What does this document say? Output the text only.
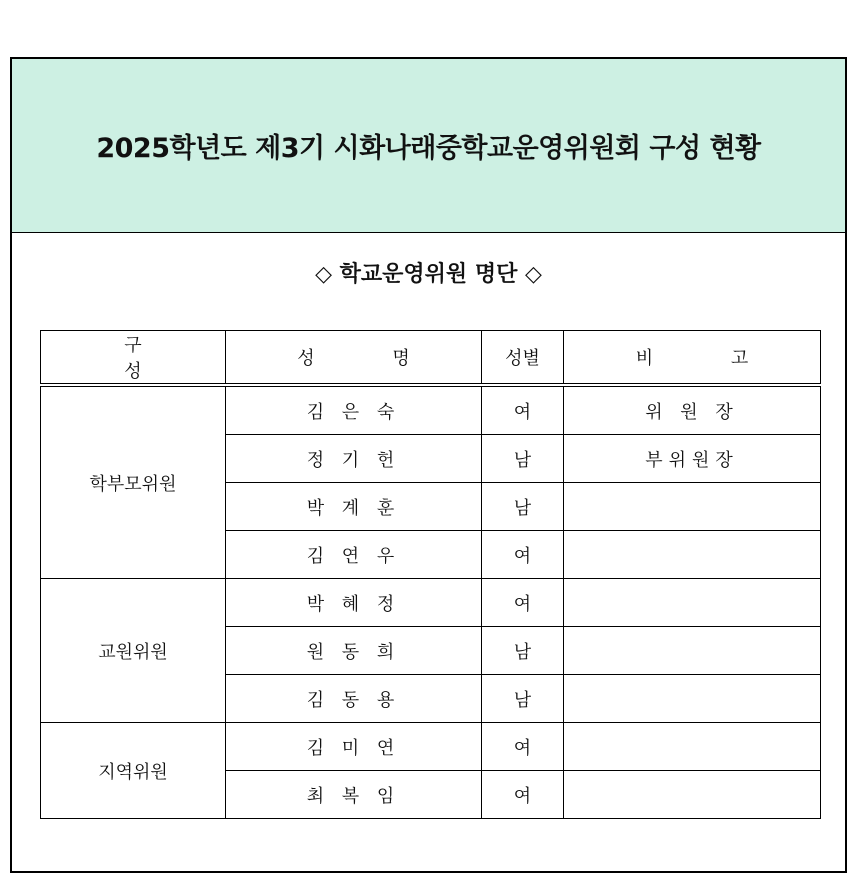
2025학년도 제3기 시화나래중학교운영위원회 구성 현황
◇ 학교운영위원 명단 ◇
구 성	성 명	성별	비 고
학부모위원	김 은 숙	여	위 원 장
	정 기 헌	남	부위원장
	박 계 훈	남	
	김 연 우	여	
교원위원	박 혜 정	여	
	원 동 희	남	
	김 동 용	남	
지역위원	김 미 연	여	
	최 복 임	여	
